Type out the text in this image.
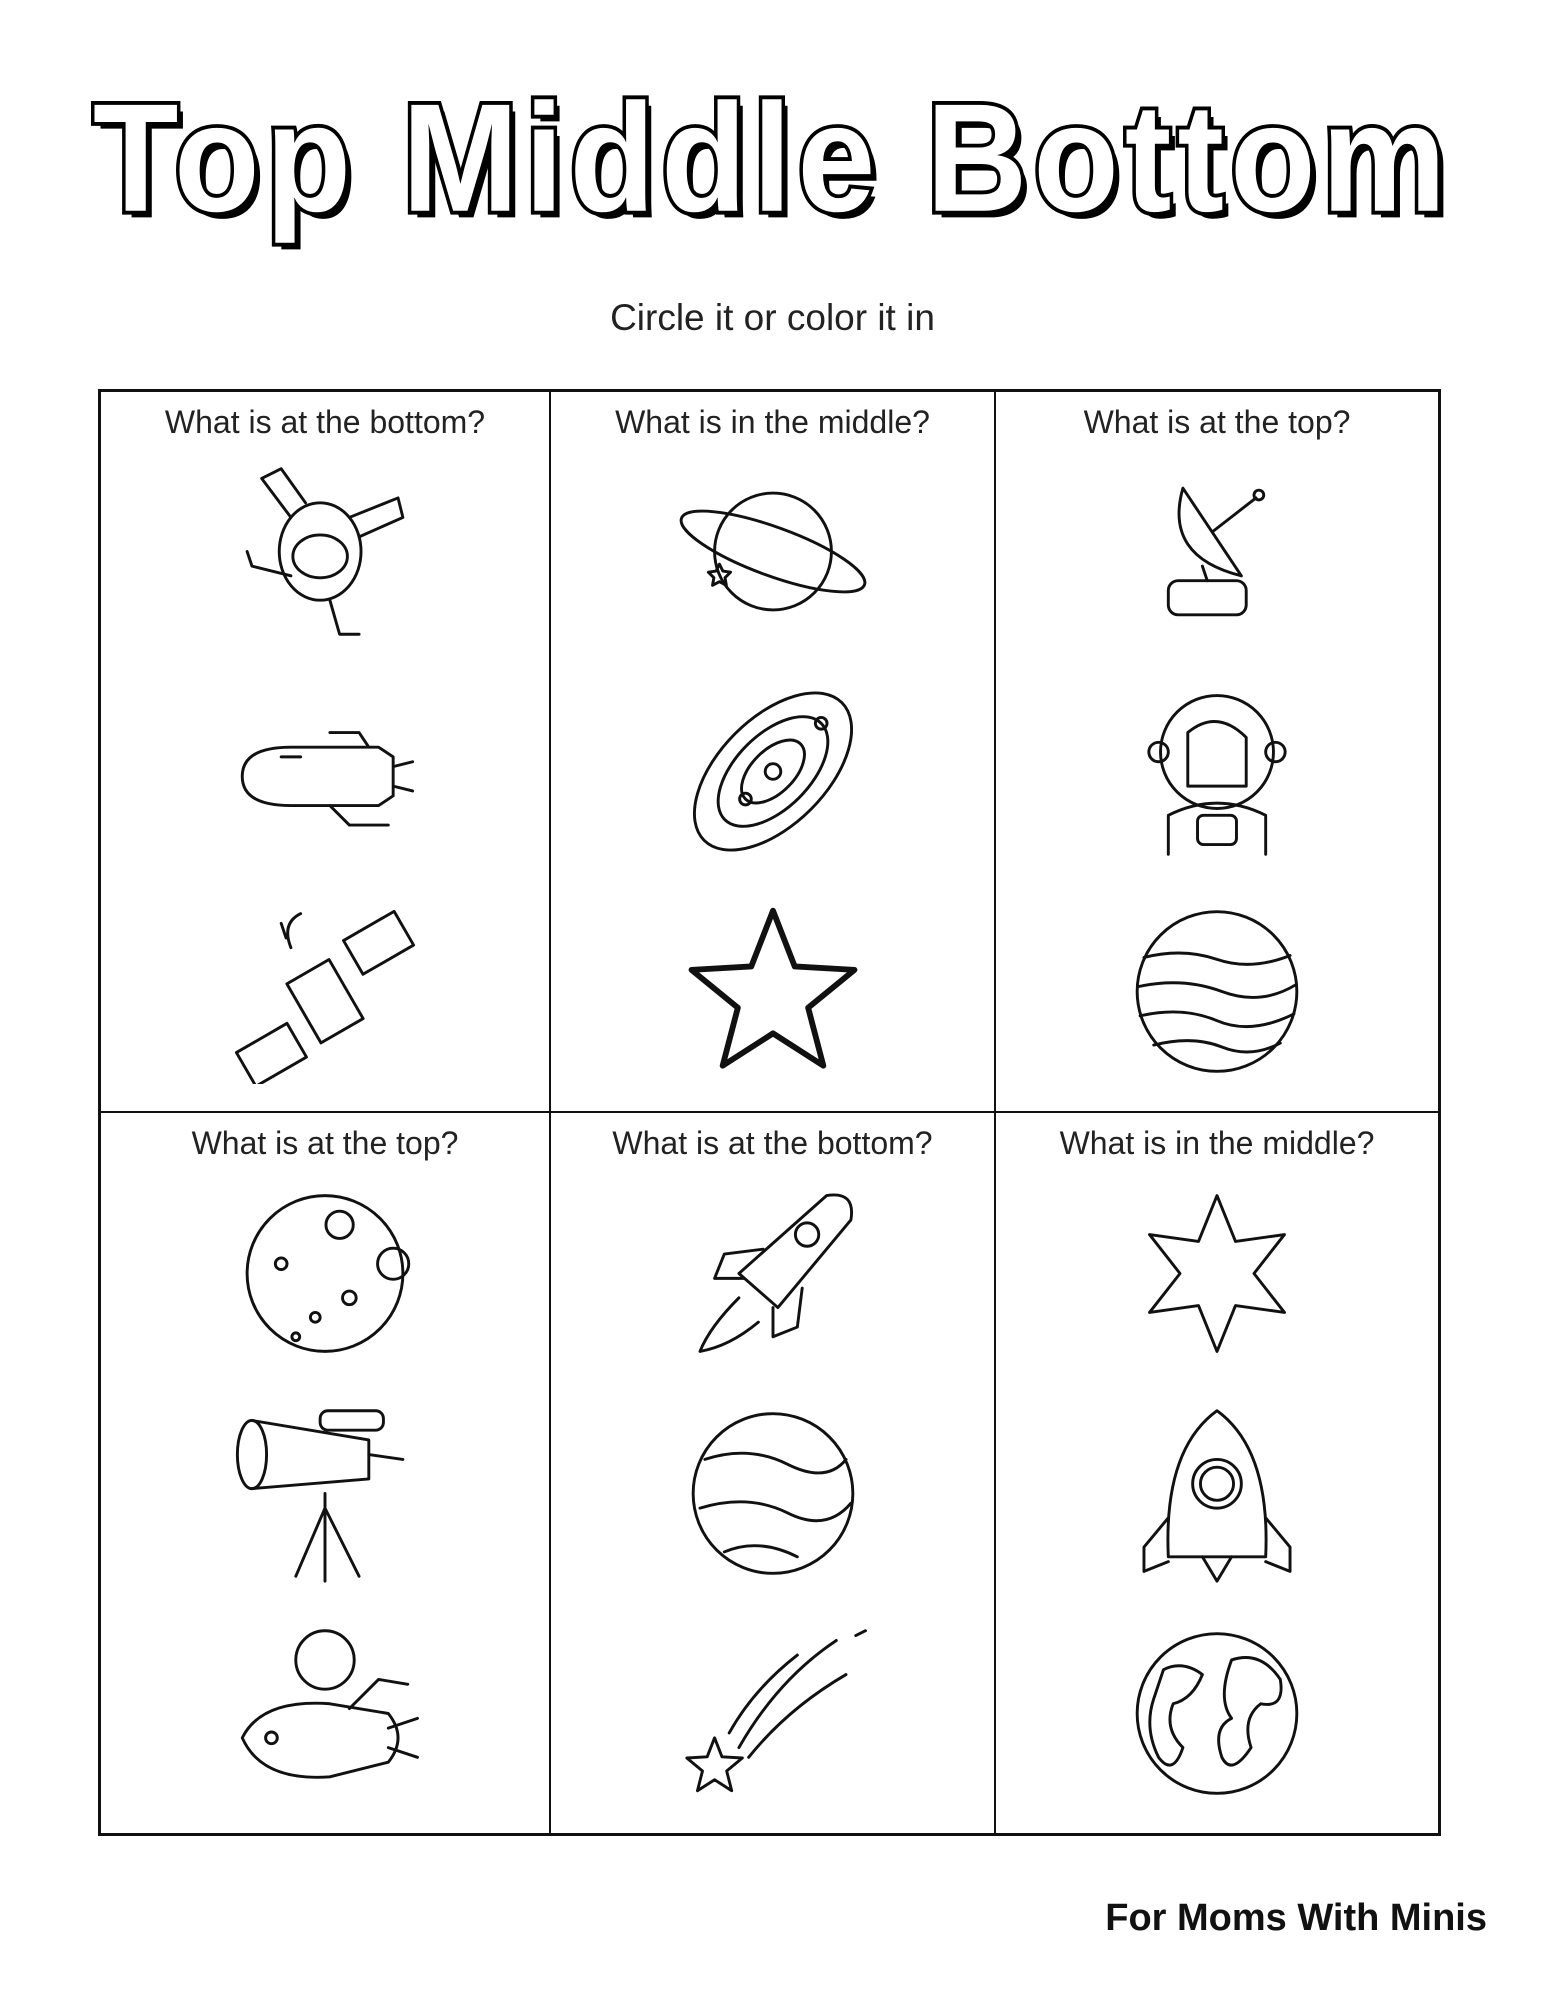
Top Middle Bottom
Circle it or color it in
What is at the bottom?	What is in the middle?	What is at the top?
What is at the top?	What is at the bottom?	What is in the middle?
For Moms With Minis
